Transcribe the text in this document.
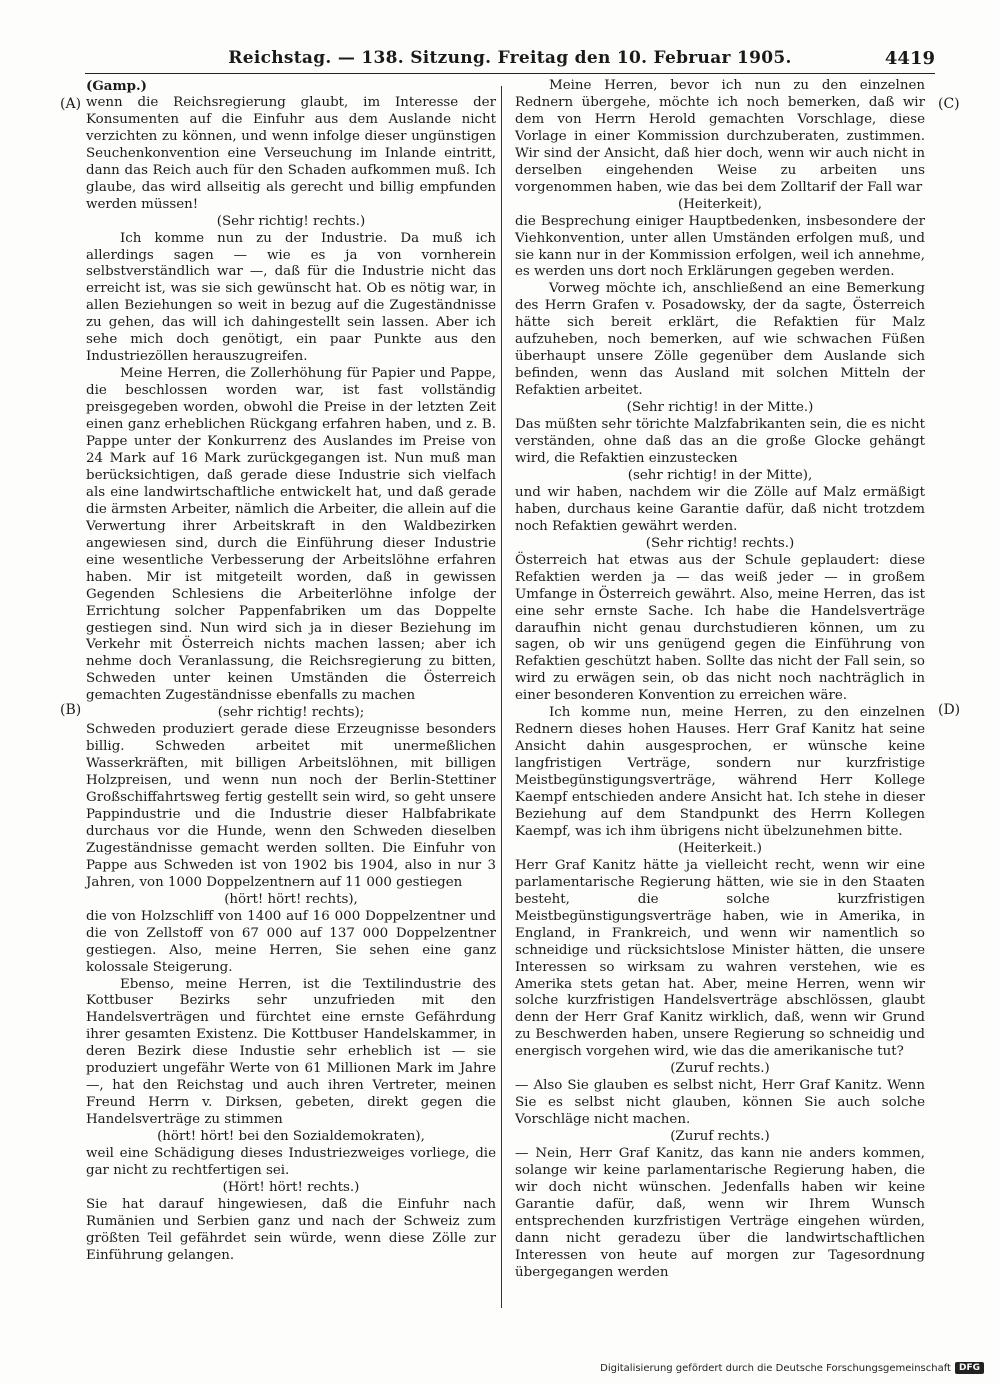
Reichstag. — 138. Sitzung. Freitag den 10. Februar 1905.	4419
(A)
(B)
(C)
(D)

(Gamp.)

wenn die Reichsregierung glaubt, im Interesse der Konsumenten auf die Einfuhr aus dem Auslande nicht verzichten zu können, und wenn infolge dieser ungünstigen Seuchenkonvention eine Verseuchung im Inlande eintritt, dann das Reich auch für den Schaden aufkommen muß. Ich glaube, das wird allseitig als gerecht und billig empfunden werden müssen!

(Sehr richtig! rechts.)

Ich komme nun zu der Industrie. Da muß ich allerdings sagen — wie es ja von vornherein selbstverständlich war —, daß für die Industrie nicht das erreicht ist, was sie sich gewünscht hat. Ob es nötig war, in allen Beziehungen so weit in bezug auf die Zugeständnisse zu gehen, das will ich dahingestellt sein lassen. Aber ich sehe mich doch genötigt, ein paar Punkte aus den Industriezöllen herauszugreifen.

Meine Herren, die Zollerhöhung für Papier und Pappe, die beschlossen worden war, ist fast vollständig preisgegeben worden, obwohl die Preise in der letzten Zeit einen ganz erheblichen Rückgang erfahren haben, und z. B. Pappe unter der Konkurrenz des Auslandes im Preise von 24 Mark auf 16 Mark zurückgegangen ist. Nun muß man berücksichtigen, daß gerade diese Industrie sich vielfach als eine landwirtschaftliche entwickelt hat, und daß gerade die ärmsten Arbeiter, nämlich die Arbeiter, die allein auf die Verwertung ihrer Arbeitskraft in den Waldbezirken angewiesen sind, durch die Einführung dieser Industrie eine wesentliche Verbesserung der Arbeitslöhne erfahren haben. Mir ist mitgeteilt worden, daß in gewissen Gegenden Schlesiens die Arbeiterlöhne infolge der Errichtung solcher Pappenfabriken um das Doppelte gestiegen sind. Nun wird sich ja in dieser Beziehung im Verkehr mit Österreich nichts machen lassen; aber ich nehme doch Veranlassung, die Reichsregierung zu bitten, Schweden unter keinen Umständen die Österreich gemachten Zugeständnisse ebenfalls zu machen

(sehr richtig! rechts);

Schweden produziert gerade diese Erzeugnisse besonders billig. Schweden arbeitet mit unermeßlichen Wasserkräften, mit billigen Arbeitslöhnen, mit billigen Holzpreisen, und wenn nun noch der Berlin-Stettiner Großschiffahrtsweg fertig gestellt sein wird, so geht unsere Pappindustrie und die Industrie dieser Halbfabrikate durchaus vor die Hunde, wenn den Schweden dieselben Zugeständnisse gemacht werden sollten. Die Einfuhr von Pappe aus Schweden ist von 1902 bis 1904, also in nur 3 Jahren, von 1000 Doppelzentnern auf 11 000 gestiegen

(hört! hört! rechts),

die von Holzschliff von 1400 auf 16 000 Doppelzentner und die von Zellstoff von 67 000 auf 137 000 Doppelzentner gestiegen. Also, meine Herren, Sie sehen eine ganz kolossale Steigerung.

Ebenso, meine Herren, ist die Textilindustrie des Kottbuser Bezirks sehr unzufrieden mit den Handelsverträgen und fürchtet eine ernste Gefährdung ihrer gesamten Existenz. Die Kottbuser Handelskammer, in deren Bezirk diese Industie sehr erheblich ist — sie produziert ungefähr Werte von 61 Millionen Mark im Jahre —, hat den Reichstag und auch ihren Vertreter, meinen Freund Herrn v. Dirksen, gebeten, direkt gegen die Handelsverträge zu stimmen

(hört! hört! bei den Sozialdemokraten),

weil eine Schädigung dieses Industriezweiges vorliege, die gar nicht zu rechtfertigen sei.

(Hört! hört! rechts.)

Sie hat darauf hingewiesen, daß die Einfuhr nach Rumänien und Serbien ganz und nach der Schweiz zum größten Teil gefährdet sein würde, wenn diese Zölle zur Einführung gelangen.

Meine Herren, bevor ich nun zu den einzelnen Rednern übergehe, möchte ich noch bemerken, daß wir dem von Herrn Herold gemachten Vorschlage, diese Vorlage in einer Kommission durchzuberaten, zustimmen. Wir sind der Ansicht, daß hier doch, wenn wir auch nicht in derselben eingehenden Weise zu arbeiten uns vorgenommen haben, wie das bei dem Zolltarif der Fall war

(Heiterkeit),

die Besprechung einiger Hauptbedenken, insbesondere der Viehkonvention, unter allen Umständen erfolgen muß, und sie kann nur in der Kommission erfolgen, weil ich annehme, es werden uns dort noch Erklärungen gegeben werden.

Vorweg möchte ich, anschließend an eine Bemerkung des Herrn Grafen v. Posadowsky, der da sagte, Österreich hätte sich bereit erklärt, die Refaktien für Malz aufzuheben, noch bemerken, auf wie schwachen Füßen überhaupt unsere Zölle gegenüber dem Auslande sich befinden, wenn das Ausland mit solchen Mitteln der Refaktien arbeitet.

(Sehr richtig! in der Mitte.)

Das müßten sehr törichte Malzfabrikanten sein, die es nicht verständen, ohne daß das an die große Glocke gehängt wird, die Refaktien einzustecken

(sehr richtig! in der Mitte),

und wir haben, nachdem wir die Zölle auf Malz ermäßigt haben, durchaus keine Garantie dafür, daß nicht trotzdem noch Refaktien gewährt werden.

(Sehr richtig! rechts.)

Österreich hat etwas aus der Schule geplaudert: diese Refaktien werden ja — das weiß jeder — in großem Umfange in Österreich gewährt. Also, meine Herren, das ist eine sehr ernste Sache. Ich habe die Handelsverträge daraufhin nicht genau durchstudieren können, um zu sagen, ob wir uns genügend gegen die Einführung von Refaktien geschützt haben. Sollte das nicht der Fall sein, so wird zu erwägen sein, ob das nicht noch nachträglich in einer besonderen Konvention zu erreichen wäre.

Ich komme nun, meine Herren, zu den einzelnen Rednern dieses hohen Hauses. Herr Graf Kanitz hat seine Ansicht dahin ausgesprochen, er wünsche keine langfristigen Verträge, sondern nur kurzfristige Meistbegünstigungsverträge, während Herr Kollege Kaempf entschieden andere Ansicht hat. Ich stehe in dieser Beziehung auf dem Standpunkt des Herrn Kollegen Kaempf, was ich ihm übrigens nicht übelzunehmen bitte.

(Heiterkeit.)

Herr Graf Kanitz hätte ja vielleicht recht, wenn wir eine parlamentarische Regierung hätten, wie sie in den Staaten besteht, die solche kurzfristigen Meistbegünstigungsverträge haben, wie in Amerika, in England, in Frankreich, und wenn wir namentlich so schneidige und rücksichtslose Minister hätten, die unsere Interessen so wirksam zu wahren verstehen, wie es Amerika stets getan hat. Aber, meine Herren, wenn wir solche kurzfristigen Handelsverträge abschlössen, glaubt denn der Herr Graf Kanitz wirklich, daß, wenn wir Grund zu Beschwerden haben, unsere Regierung so schneidig und energisch vorgehen wird, wie das die amerikanische tut?

(Zuruf rechts.)

— Also Sie glauben es selbst nicht, Herr Graf Kanitz. Wenn Sie es selbst nicht glauben, können Sie auch solche Vorschläge nicht machen.

(Zuruf rechts.)

— Nein, Herr Graf Kanitz, das kann nie anders kommen, solange wir keine parlamentarische Regierung haben, die wir doch nicht wünschen. Jedenfalls haben wir keine Garantie dafür, daß, wenn wir Ihrem Wunsch entsprechenden kurzfristigen Verträge eingehen würden, dann nicht geradezu über die landwirtschaftlichen Interessen von heute auf morgen zur Tagesordnung übergegangen werden

Digitalisierung gefördert durch die Deutsche Forschungsgemeinschaft DFG
